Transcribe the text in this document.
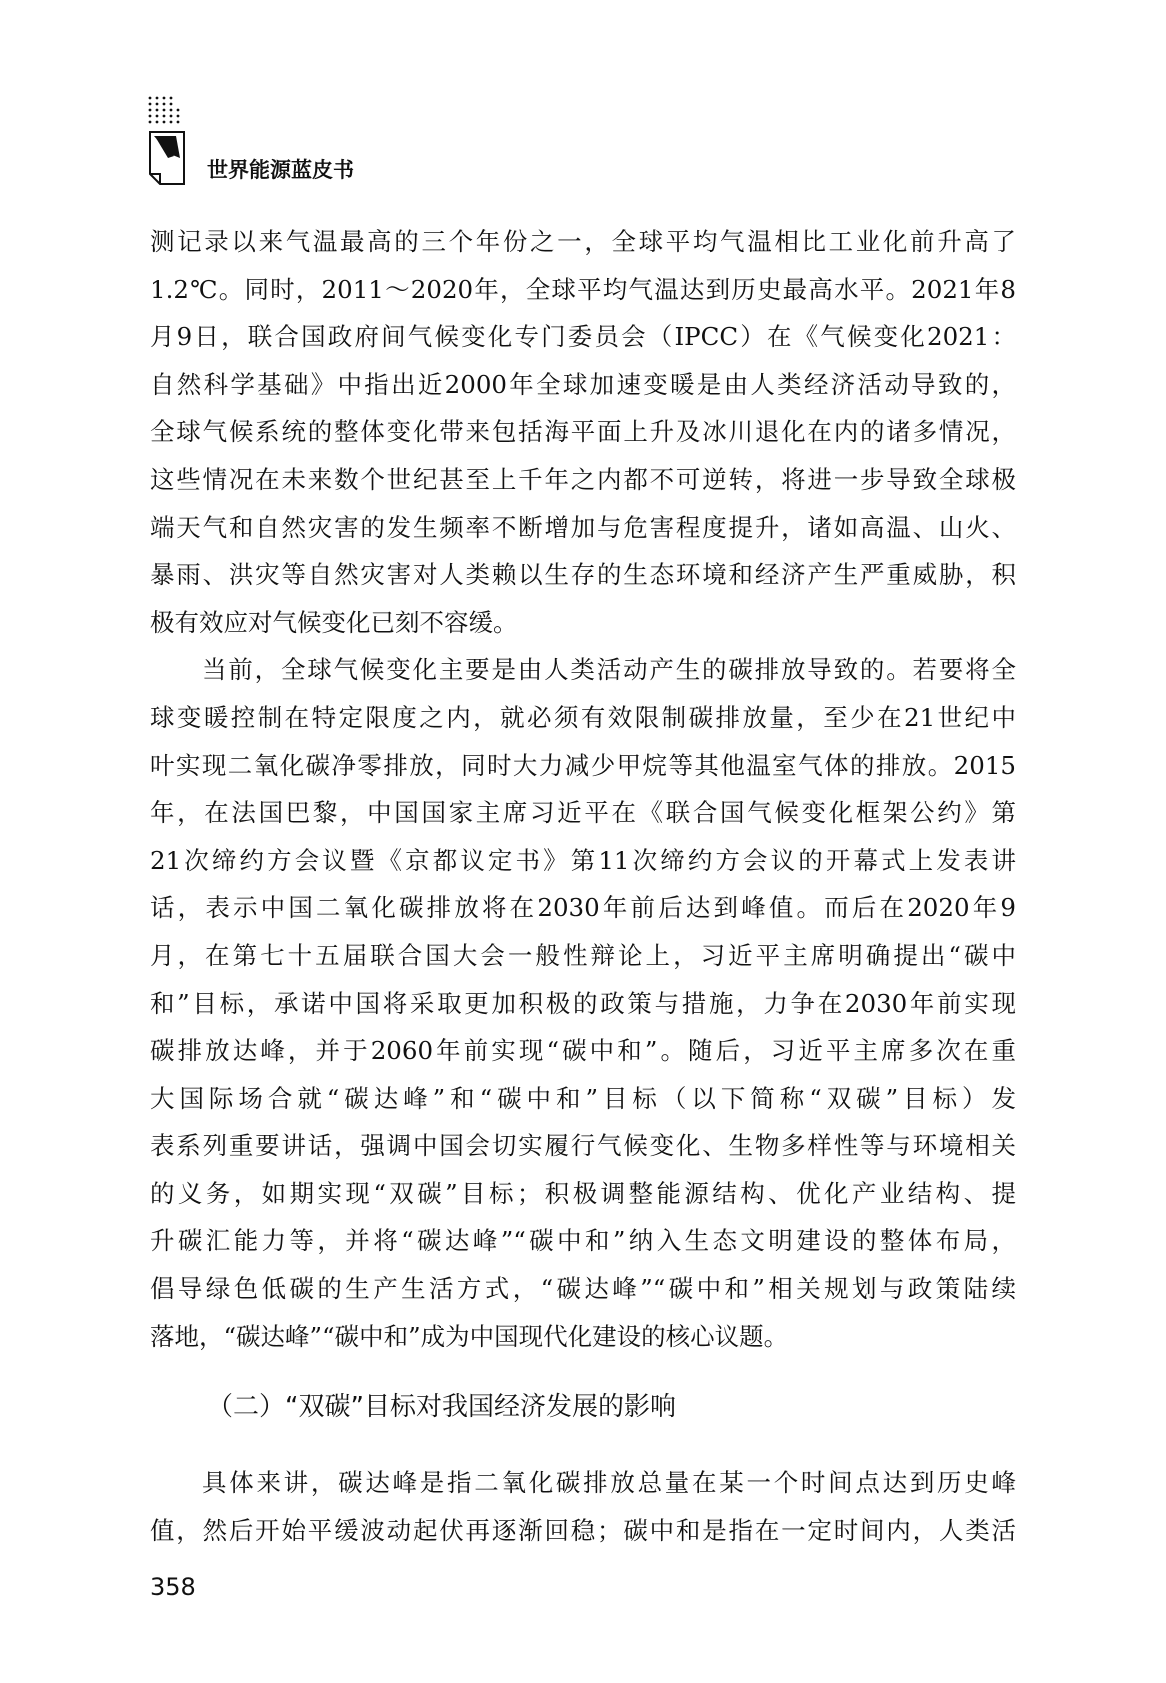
世界能源蓝皮书
测记录以来气温最高的三个年份之一，全球平均气温相比工业化前升高了
1.2℃。同时，2011～2020年，全球平均气温达到历史最高水平。2021年8
月9日，联合国政府间气候变化专门委员会（IPCC）在《气候变化2021：
自然科学基础》中指出近2000年全球加速变暖是由人类经济活动导致的，
全球气候系统的整体变化带来包括海平面上升及冰川退化在内的诸多情况，
这些情况在未来数个世纪甚至上千年之内都不可逆转，将进一步导致全球极
端天气和自然灾害的发生频率不断增加与危害程度提升，诸如高温、山火、
暴雨、洪灾等自然灾害对人类赖以生存的生态环境和经济产生严重威胁，积
极有效应对气候变化已刻不容缓。
当前，全球气候变化主要是由人类活动产生的碳排放导致的。若要将全
球变暖控制在特定限度之内，就必须有效限制碳排放量，至少在21世纪中
叶实现二氧化碳净零排放，同时大力减少甲烷等其他温室气体的排放。2015
年，在法国巴黎，中国国家主席习近平在《联合国气候变化框架公约》第
21次缔约方会议暨《京都议定书》第11次缔约方会议的开幕式上发表讲
话，表示中国二氧化碳排放将在2030年前后达到峰值。而后在2020年9
月，在第七十五届联合国大会一般性辩论上，习近平主席明确提出“碳中
和”目标，承诺中国将采取更加积极的政策与措施，力争在2030年前实现
碳排放达峰，并于2060年前实现“碳中和”。随后，习近平主席多次在重
大国际场合就“碳达峰”和“碳中和”目标（以下简称“双碳”目标）发
表系列重要讲话，强调中国会切实履行气候变化、生物多样性等与环境相关
的义务，如期实现“双碳”目标；积极调整能源结构、优化产业结构、提
升碳汇能力等，并将“碳达峰”“碳中和”纳入生态文明建设的整体布局，
倡导绿色低碳的生产生活方式，“碳达峰”“碳中和”相关规划与政策陆续
落地，“碳达峰”“碳中和”成为中国现代化建设的核心议题。
（二）“双碳”目标对我国经济发展的影响
具体来讲，碳达峰是指二氧化碳排放总量在某一个时间点达到历史峰
值，然后开始平缓波动起伏再逐渐回稳；碳中和是指在一定时间内，人类活
358
